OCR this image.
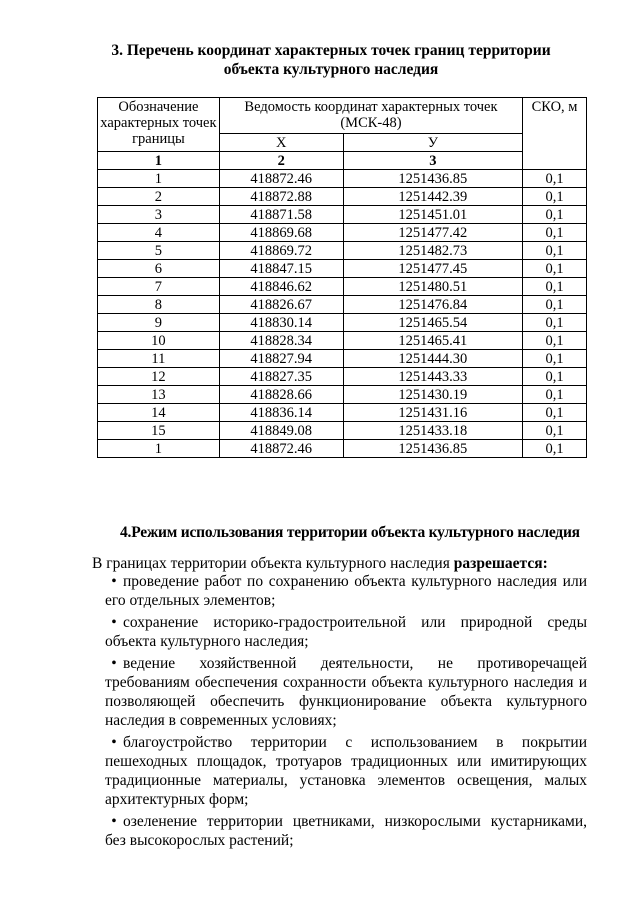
3. Перечень координат характерных точек границ территории
объекта культурного наследия
Обозначение характерных точек границы	Ведомость координат характерных точек (МСК-48)		СКО, м
	X	У	
1	2	3	
1	418872.46	1251436.85	0,1
2	418872.88	1251442.39	0,1
3	418871.58	1251451.01	0,1
4	418869.68	1251477.42	0,1
5	418869.72	1251482.73	0,1
6	418847.15	1251477.45	0,1
7	418846.62	1251480.51	0,1
8	418826.67	1251476.84	0,1
9	418830.14	1251465.54	0,1
10	418828.34	1251465.41	0,1
11	418827.94	1251444.30	0,1
12	418827.35	1251443.33	0,1
13	418828.66	1251430.19	0,1
14	418836.14	1251431.16	0,1
15	418849.08	1251433.18	0,1
1	418872.46	1251436.85	0,1
4.Режим использования территории объекта культурного наследия
В границах территории объекта культурного наследия разрешается:
• проведение работ по сохранению объекта культурного наследия или его отдельных элементов;
• сохранение историко-градостроительной или природной среды объекта культурного наследия;
• ведение хозяйственной деятельности, не противоречащей требованиям обеспечения сохранности объекта культурного наследия и позволяющей обеспечить функционирование объекта культурного наследия в современных условиях;
• благоустройство территории с использованием в покрытии пешеходных площадок, тротуаров традиционных или имитирующих традиционные материалы, установка элементов освещения, малых архитектурных форм;
• озеленение территории цветниками, низкорослыми кустарниками, без высокорослых растений;
